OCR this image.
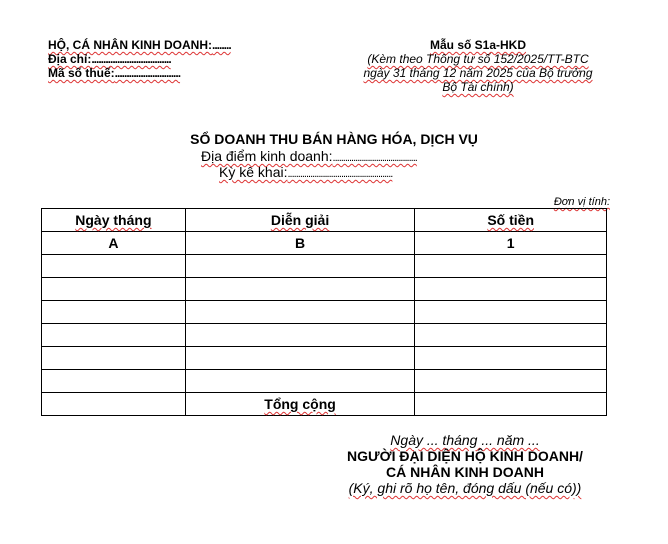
HỘ, CÁ NHÂN KINH DOANH:........
Địa chỉ:..................................
Mã số thuế:............................
Mẫu số S1a-HKD
(Kèm theo Thông tư số 152/2025/TT-BTC
ngày 31 tháng 12 năm 2025 của Bộ trưởng
Bộ Tài chính)
SỔ DOANH THU BÁN HÀNG HÓA, DỊCH VỤ
Địa điểm kinh doanh:.........................................
Kỳ kê khai:...................................................
Đơn vị tính:
Ngày tháng	Diễn giải	Số tiền
A	B	1

	Tổng cộng	
Ngày ... tháng ... năm ...
NGƯỜI ĐẠI DIỆN HỘ KINH DOANH/
CÁ NHÂN KINH DOANH
(Ký, ghi rõ họ tên, đóng dấu (nếu có))
